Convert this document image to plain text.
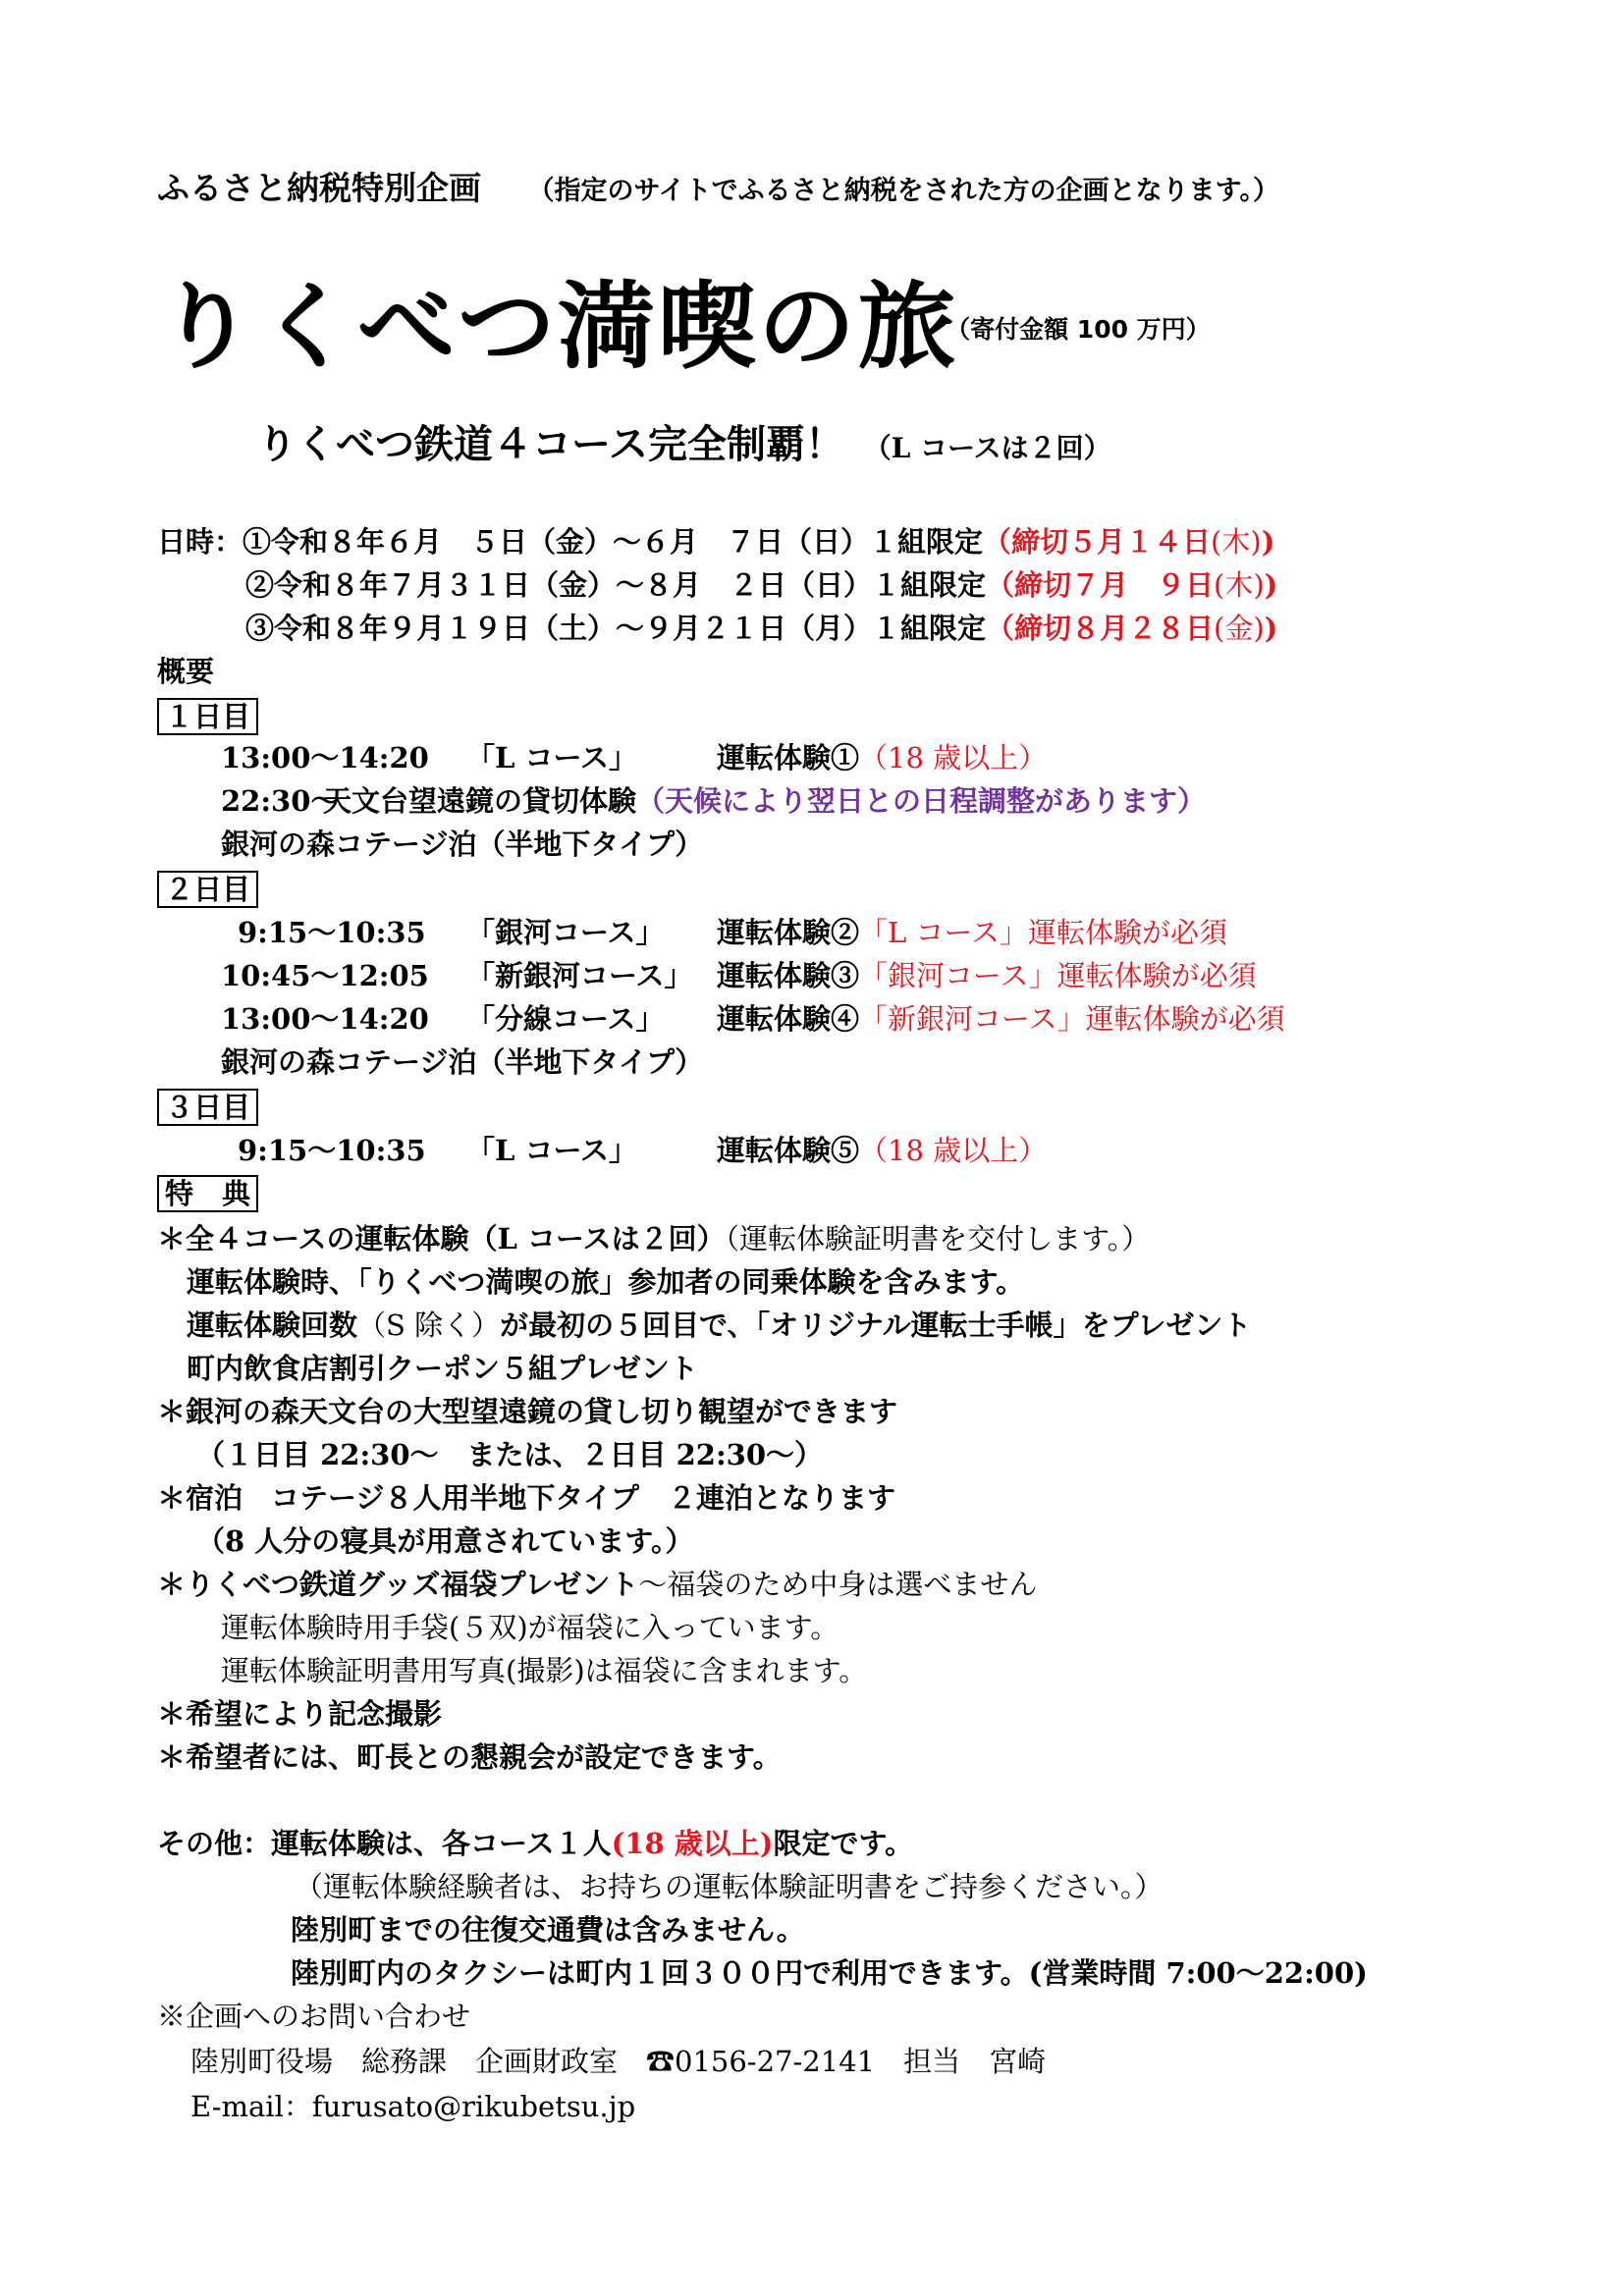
ふるさと納税特別企画 （指定のサイトでふるさと納税をされた方の企画となります。）
りくべつ満喫の旅 （寄付金額 100 万円）
りくべつ鉄道４コース完全制覇！ （L コースは２回）
日時：①令和８年６月　５日（金）～６月　７日（日）１組限定（締切５月１４日(木))
②令和８年７月３１日（金）～８月　２日（日）１組限定（締切７月　９日(木))
③令和８年９月１９日（土）～９月２１日（月）１組限定（締切８月２８日(金))
概要
１日目
13:00～14:20 「L コース」	運転体験①（18 歳以上）
22:30～天文台望遠鏡の貸切体験（天候により翌日との日程調整があります）
銀河の森コテージ泊（半地下タイプ）
２日目
9:15～10:35 「銀河コース」 運転体験②「L コース」運転体験が必須
10:45～12:05 「新銀河コース」 運転体験③「銀河コース」運転体験が必須
13:00～14:20 「分線コース」 運転体験④「新銀河コース」運転体験が必須
銀河の森コテージ泊（半地下タイプ）
３日目
9:15～10:35 「L コース」	運転体験⑤（18 歳以上）
特　典
＊全４コースの運転体験（L コースは２回）（運転体験証明書を交付します。）
運転体験時、「りくべつ満喫の旅」参加者の同乗体験を含みます。
運転体験回数（S 除く）が最初の５回目で、「オリジナル運転士手帳」をプレゼント
町内飲食店割引クーポン５組プレゼント
＊銀河の森天文台の大型望遠鏡の貸し切り観望ができます
（１日目 22:30～　または、２日目 22:30～）
＊宿泊　コテージ８人用半地下タイプ　２連泊となります
（8 人分の寝具が用意されています。）
＊りくべつ鉄道グッズ福袋プレゼント～福袋のため中身は選べません
運転体験時用手袋(５双)が福袋に入っています。
運転体験証明書用写真(撮影)は福袋に含まれます。
＊希望により記念撮影
＊希望者には、町長との懇親会が設定できます。
その他：運転体験は、各コース１人(18 歳以上)限定です。
（運転体験経験者は、お持ちの運転体験証明書をご持参ください。）
陸別町までの往復交通費は含みません。
陸別町内のタクシーは町内１回３００円で利用できます。(営業時間 7:00～22:00)
※企画へのお問い合わせ
陸別町役場　総務課　企画財政室　☎0156-27-2141　担当　宮崎
E-mail：furusato@rikubetsu.jp
